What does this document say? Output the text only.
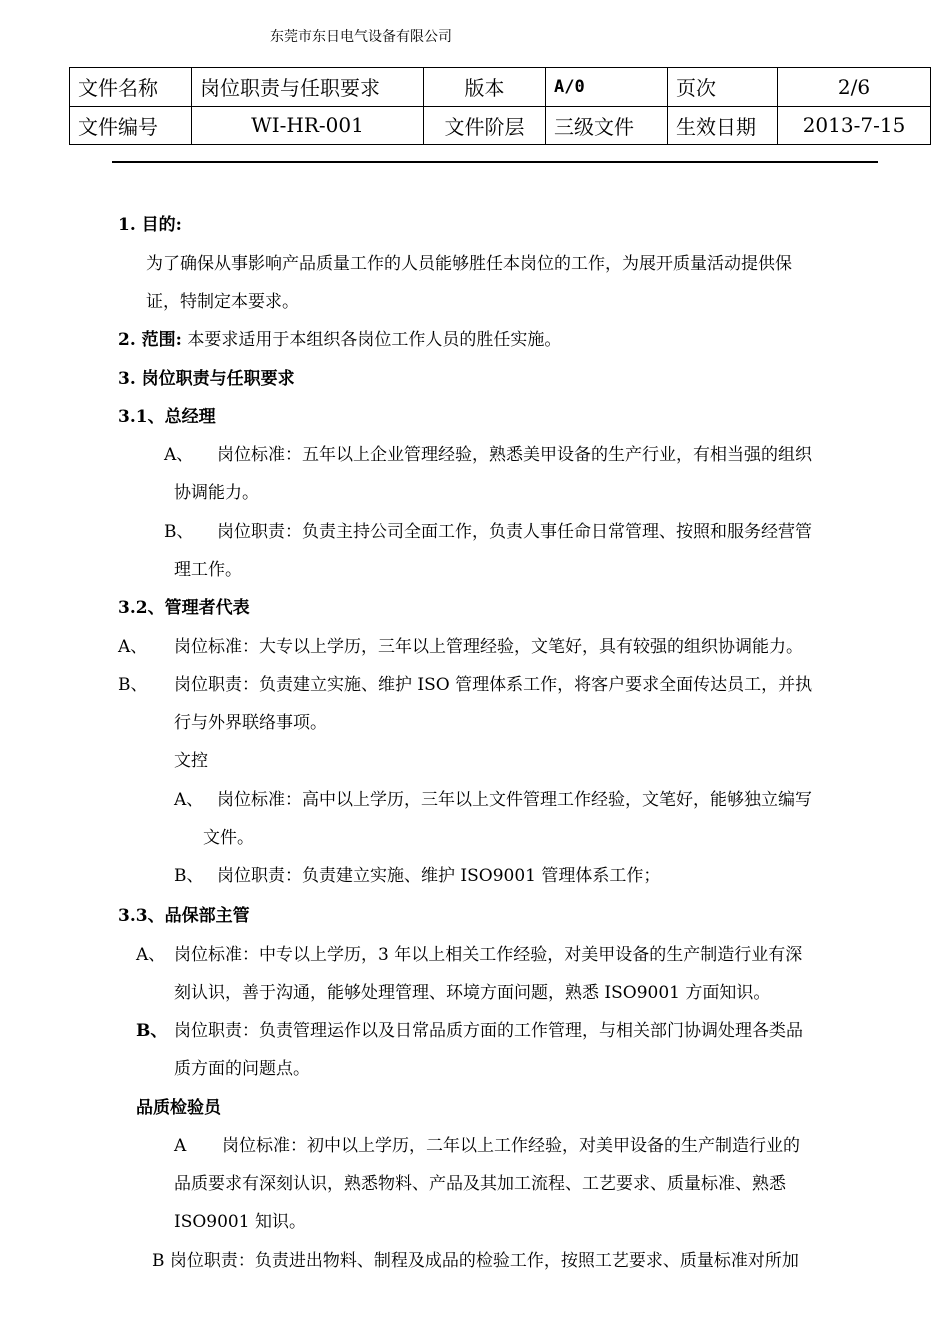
东莞市东日电气设备有限公司
文件名称	岗位职责与任职要求	版本	A/0	页次	2/6
文件编号	WI-HR-001	文件阶层	三级文件	生效日期	2013-7-15
1. 目的:
为了确保从事影响产品质量工作的人员能够胜任本岗位的工作，为展开质量活动提供保
证，特制定本要求。
2. 范围: 本要求适用于本组织各岗位工作人员的胜任实施。
3. 岗位职责与任职要求
3.1、总经理
A、 岗位标准：五年以上企业管理经验，熟悉美甲设备的生产行业，有相当强的组织
协调能力。
B、 岗位职责：负责主持公司全面工作，负责人事任命日常管理、按照和服务经营管
理工作。
3.2、管理者代表
A、 岗位标准：大专以上学历，三年以上管理经验，文笔好，具有较强的组织协调能力。
B、 岗位职责：负责建立实施、维护 ISO 管理体系工作，将客户要求全面传达员工，并执
行与外界联络事项。
文控
A、 岗位标准：高中以上学历，三年以上文件管理工作经验，文笔好，能够独立编写
文件。
B、 岗位职责：负责建立实施、维护 ISO9001 管理体系工作；
3.3、品保部主管
A、 岗位标准：中专以上学历，3 年以上相关工作经验，对美甲设备的生产制造行业有深
刻认识，善于沟通，能够处理管理、环境方面问题，熟悉 ISO9001 方面知识。
B、 岗位职责：负责管理运作以及日常品质方面的工作管理，与相关部门协调处理各类品
质方面的问题点。
品质检验员
A 岗位标准：初中以上学历，二年以上工作经验，对美甲设备的生产制造行业的
品质要求有深刻认识，熟悉物料、产品及其加工流程、工艺要求、质量标准、熟悉
ISO9001 知识。
B 岗位职责：负责进出物料、制程及成品的检验工作，按照工艺要求、质量标准对所加
